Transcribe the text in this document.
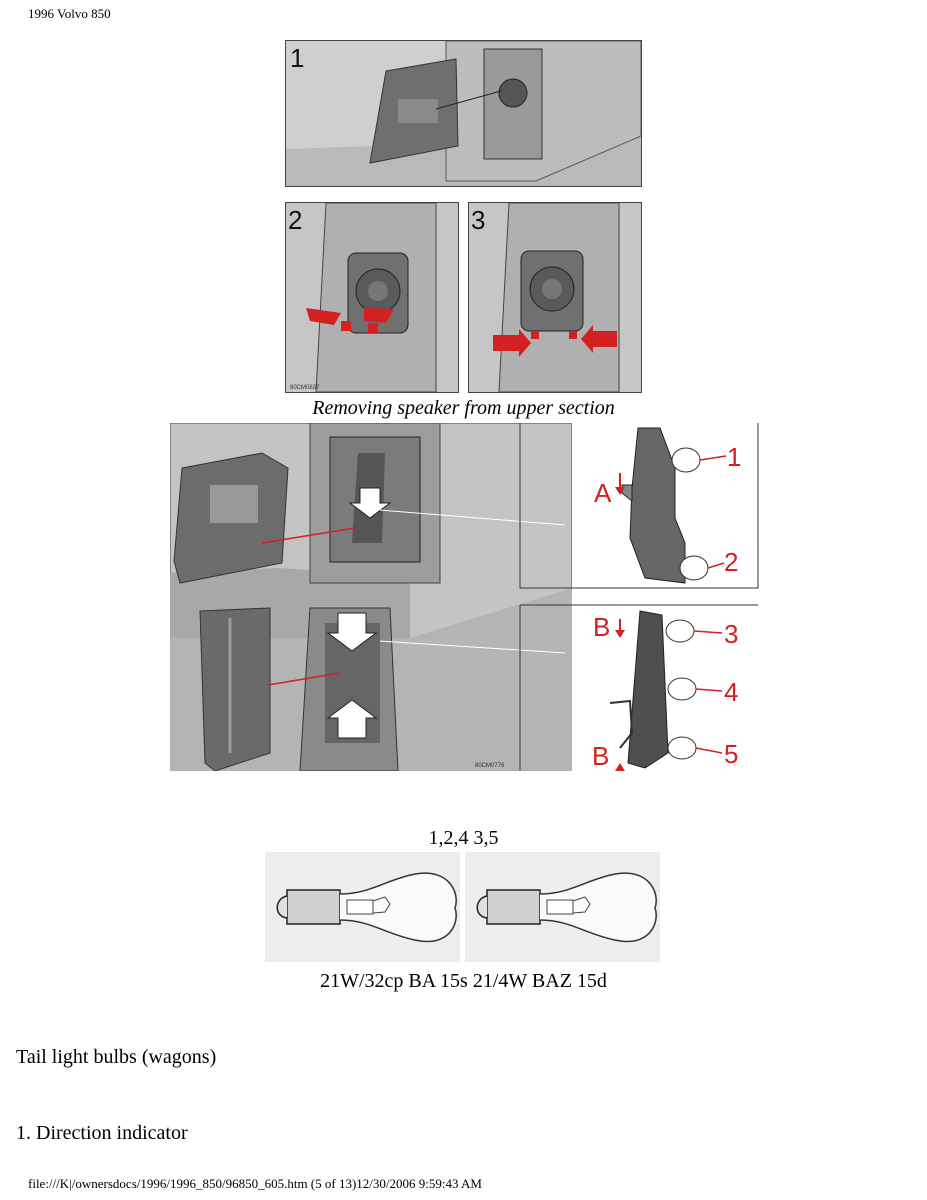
1996 Volvo 850
1
2
80CM0837
3
Removing speaker from upper section
80CM0776
A
B
B
1
2
3
4
5
1,2,4 3,5
21W/32cp BA 15s 21/4W BAZ 15d
Tail light bulbs (wagons)
1. Direction indicator
file:///K|/ownersdocs/1996/1996_850/96850_605.htm (5 of 13)12/30/2006 9:59:43 AM
